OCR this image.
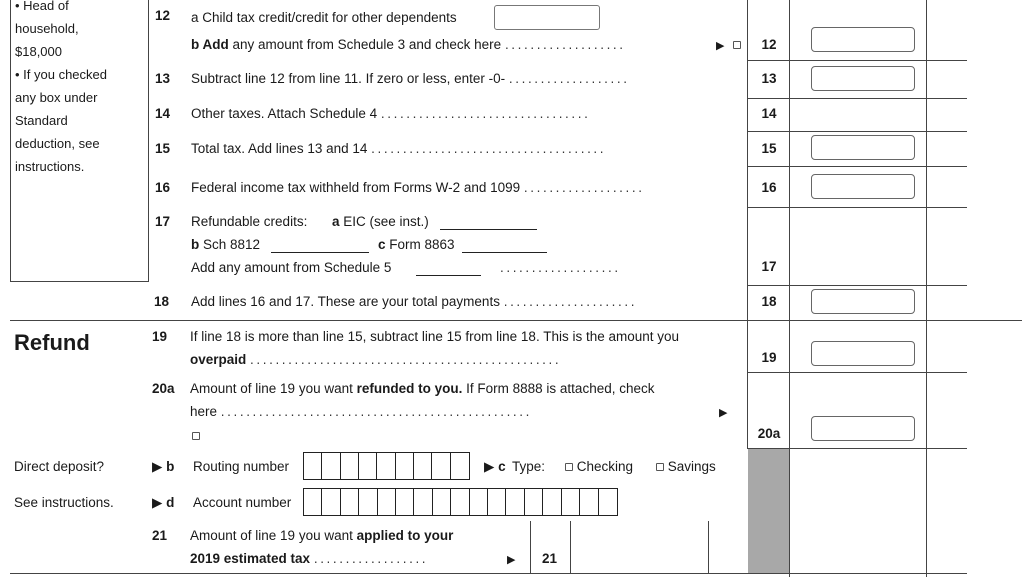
• Head of
household,
$18,000
• If you checked
any box under
Standard
deduction, see
instructions.
12 a Child tax credit/credit for other dependents
b Add any amount from Schedule 3 and check here ...................	▶	12
13 Subtract line 12 from line 11. If zero or less, enter -0- ...................	13
14 Other taxes. Attach Schedule 4 .................................	14
15 Total tax. Add lines 13 and 14 .....................................	15
16 Federal income tax withheld from Forms W-2 and 1099 ...................	16
17 Refundable credits: a EIC (see inst.)
b Sch 8812	c Form 8863
Add any amount from Schedule 5	...................	17
18 Add lines 16 and 17. These are your total payments .....................	18
Refund	19 If line 18 is more than line 15, subtract line 15 from line 18. This is the amount you
overpaid .................................................	19
20a Amount of line 19 you want refunded to you. If Form 8888 is attached, check
here .................................................	▶
20a
Direct deposit?	▶ b Routing number	▶ c Type:	Checking	Savings
See instructions.	▶ d Account number
21 Amount of line 19 you want applied to your
2019 estimated tax ..................	▶ 21
